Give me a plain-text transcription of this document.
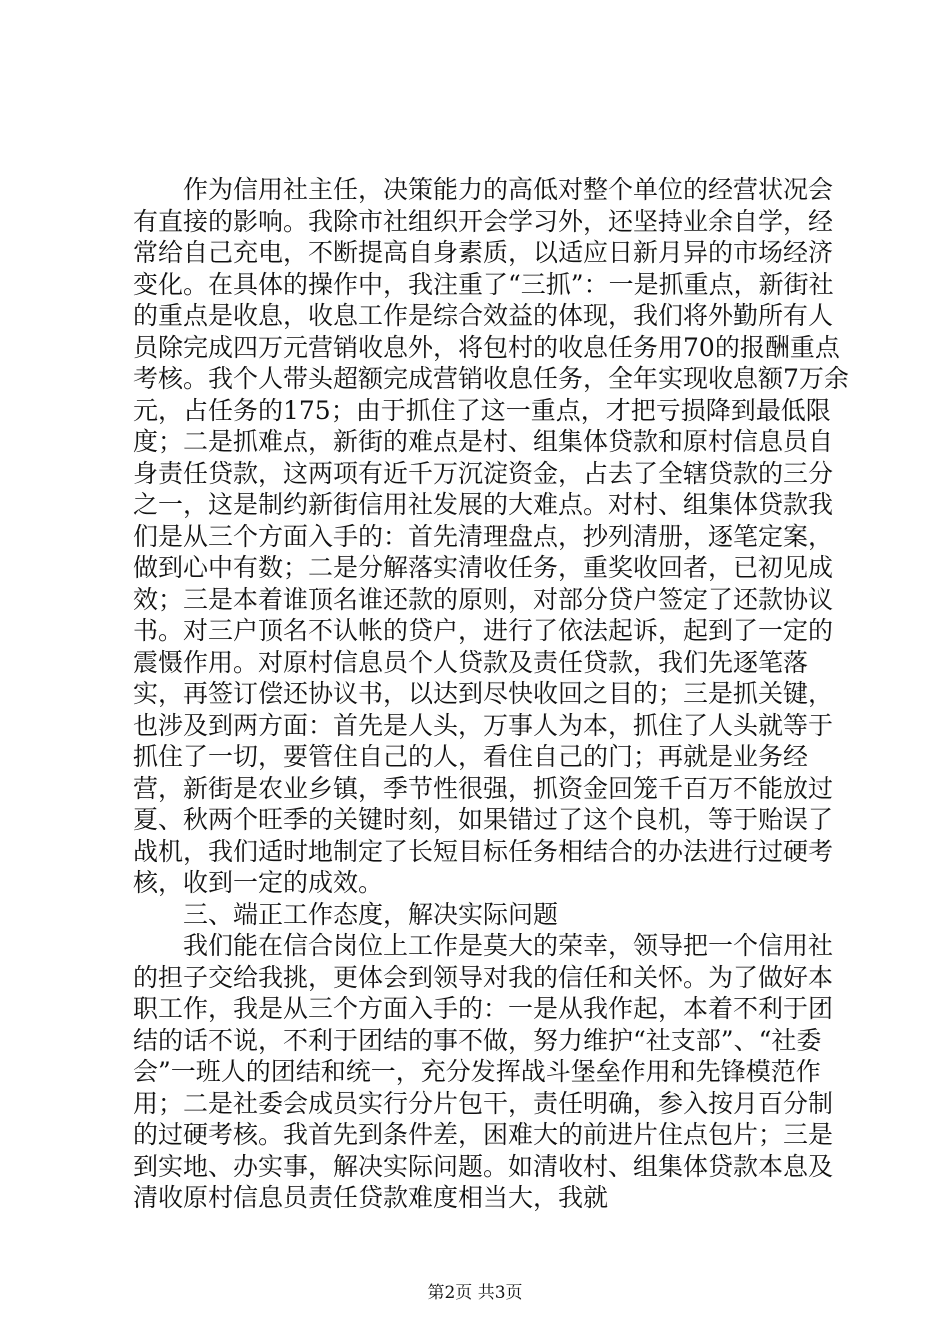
作为信用社主任，决策能力的高低对整个单位的经营状况会有直接的影响。我除市社组织开会学习外，还坚持业余自学，经常给自己充电，不断提高自身素质，以适应日新月异的市场经济变化。在具体的操作中，我注重了“三抓”：一是抓重点，新街社的重点是收息，收息工作是综合效益的体现，我们将外勤所有人员除完成四万元营销收息外，将包村的收息任务用70的报酬重点考核。我个人带头超额完成营销收息任务，全年实现收息额7万余元，占任务的175；由于抓住了这一重点，才把亏损降到最低限度；二是抓难点，新街的难点是村、组集体贷款和原村信息员自身责任贷款，这两项有近千万沉淀资金，占去了全辖贷款的三分之一，这是制约新街信用社发展的大难点。对村、组集体贷款我们是从三个方面入手的：首先清理盘点，抄列清册，逐笔定案，做到心中有数；二是分解落实清收任务，重奖收回者，已初见成效；三是本着谁顶名谁还款的原则，对部分贷户签定了还款协议书。对三户顶名不认帐的贷户，进行了依法起诉，起到了一定的震慑作用。对原村信息员个人贷款及责任贷款，我们先逐笔落实，再签订偿还协议书，以达到尽快收回之目的；三是抓关键，也涉及到两方面：首先是人头，万事人为本，抓住了人头就等于抓住了一切，要管住自己的人，看住自己的门；再就是业务经营，新街是农业乡镇，季节性很强，抓资金回笼千百万不能放过夏、秋两个旺季的关键时刻，如果错过了这个良机，等于贻误了战机，我们适时地制定了长短目标任务相结合的办法进行过硬考核，收到一定的成效。

三、端正工作态度，解决实际问题

我们能在信合岗位上工作是莫大的荣幸，领导把一个信用社的担子交给我挑，更体会到领导对我的信任和关怀。为了做好本职工作，我是从三个方面入手的：一是从我作起，本着不利于团结的话不说，不利于团结的事不做，努力维护“社支部”、“社委会”一班人的团结和统一，充分发挥战斗堡垒作用和先锋模范作用；二是社委会成员实行分片包干，责任明确，参入按月百分制的过硬考核。我首先到条件差，困难大的前进片住点包片；三是到实地、办实事，解决实际问题。如清收村、组集体贷款本息及清收原村信息员责任贷款难度相当大，我就

第2页 共3页
